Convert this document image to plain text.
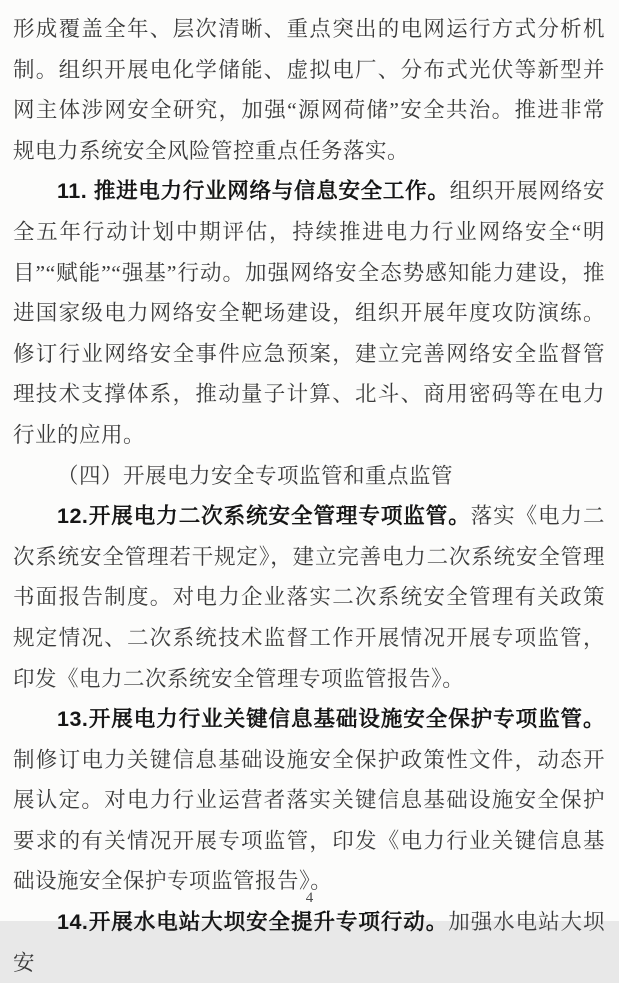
形成覆盖全年、层次清晰、重点突出的电网运行方式分析机制。组织开展电化学储能、虚拟电厂、分布式光伏等新型并网主体涉网安全研究，加强“源网荷储”安全共治。推进非常规电力系统安全风险管控重点任务落实。

11. 推进电力行业网络与信息安全工作。组织开展网络安全五年行动计划中期评估，持续推进电力行业网络安全“明目”“赋能”“强基”行动。加强网络安全态势感知能力建设，推进国家级电力网络安全靶场建设，组织开展年度攻防演练。修订行业网络安全事件应急预案，建立完善网络安全监督管理技术支撑体系，推动量子计算、北斗、商用密码等在电力行业的应用。

（四）开展电力安全专项监管和重点监管

12.开展电力二次系统安全管理专项监管。落实《电力二次系统安全管理若干规定》，建立完善电力二次系统安全管理书面报告制度。对电力企业落实二次系统安全管理有关政策规定情况、二次系统技术监督工作开展情况开展专项监管，印发《电力二次系统安全管理专项监管报告》。

13.开展电力行业关键信息基础设施安全保护专项监管。制修订电力关键信息基础设施安全保护政策性文件，动态开展认定。对电力行业运营者落实关键信息基础设施安全保护要求的有关情况开展专项监管，印发《电力行业关键信息基础设施安全保护专项监管报告》。

14.开展水电站大坝安全提升专项行动。加强水电站大坝安

4
